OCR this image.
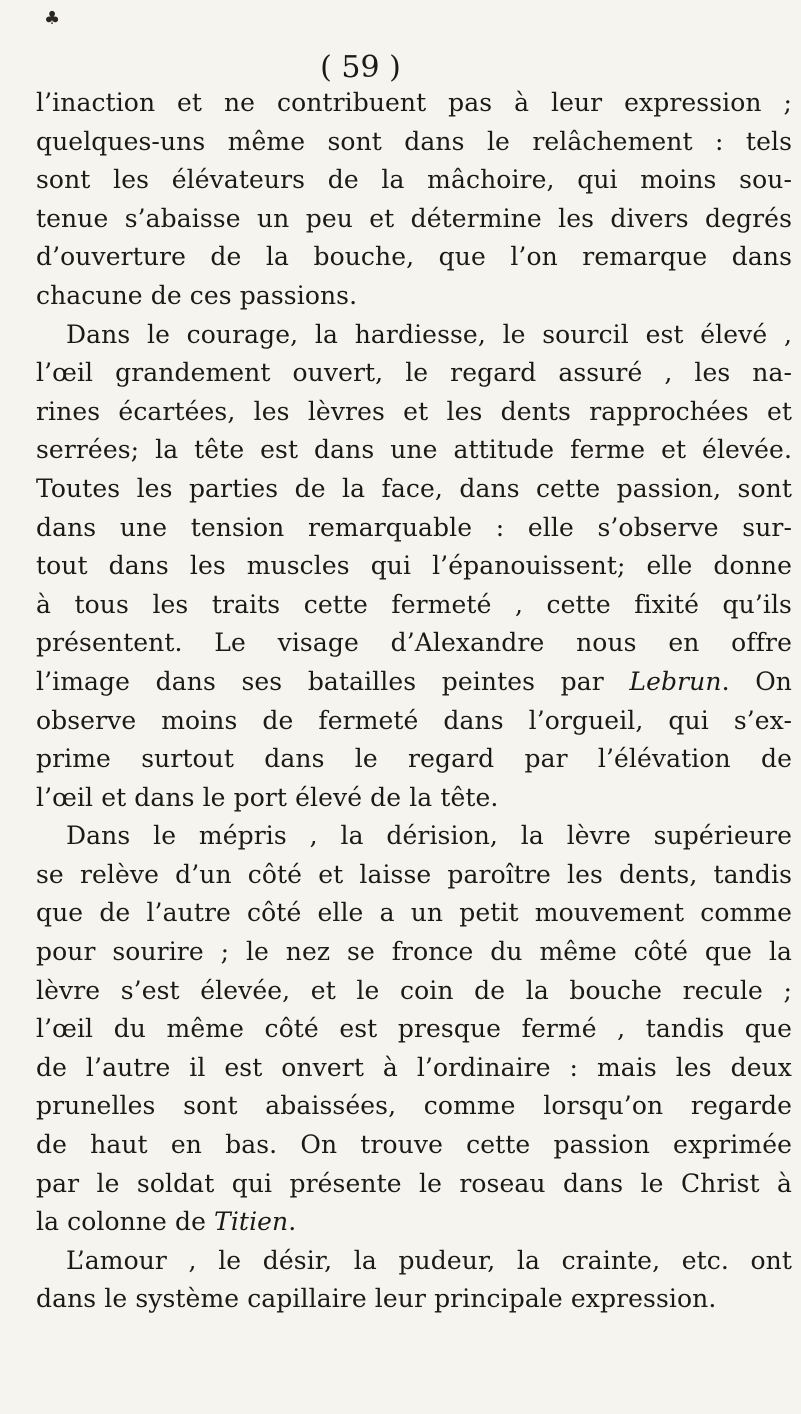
♣
( 59 )
l’inaction et ne contribuent pas à leur expression ;
quelques-uns même sont dans le relâchement : tels
sont les élévateurs de la mâchoire, qui moins sou-
tenue s’abaisse un peu et détermine les divers degrés
d’ouverture de la bouche, que l’on remarque dans
chacune de ces passions.
Dans le courage, la hardiesse, le sourcil est élevé ,
l’œil grandement ouvert, le regard assuré , les na-
rines écartées, les lèvres et les dents rapprochées et
serrées; la tête est dans une attitude ferme et élevée.
Toutes les parties de la face, dans cette passion, sont
dans une tension remarquable : elle s’observe sur-
tout dans les muscles qui l’épanouissent; elle donne
à tous les traits cette fermeté , cette fixité qu’ils
présentent. Le visage d’Alexandre nous en offre
l’image dans ses batailles peintes par Lebrun. On
observe moins de fermeté dans l’orgueil, qui s’ex-
prime surtout dans le regard par l’élévation de
l’œil et dans le port élevé de la tête.
Dans le mépris , la dérision, la lèvre supérieure
se relève d’un côté et laisse paroître les dents, tandis
que de l’autre côté elle a un petit mouvement comme
pour sourire ; le nez se fronce du même côté que la
lèvre s’est élevée, et le coin de la bouche recule ;
l’œil du même côté est presque fermé , tandis que
de l’autre il est onvert à l’ordinaire : mais les deux
prunelles sont abaissées, comme lorsqu’on regarde
de haut en bas. On trouve cette passion exprimée
par le soldat qui présente le roseau dans le Christ à
la colonne de Titien.
L’amour , le désir, la pudeur, la crainte, etc. ont
dans le système capillaire leur principale expression.
